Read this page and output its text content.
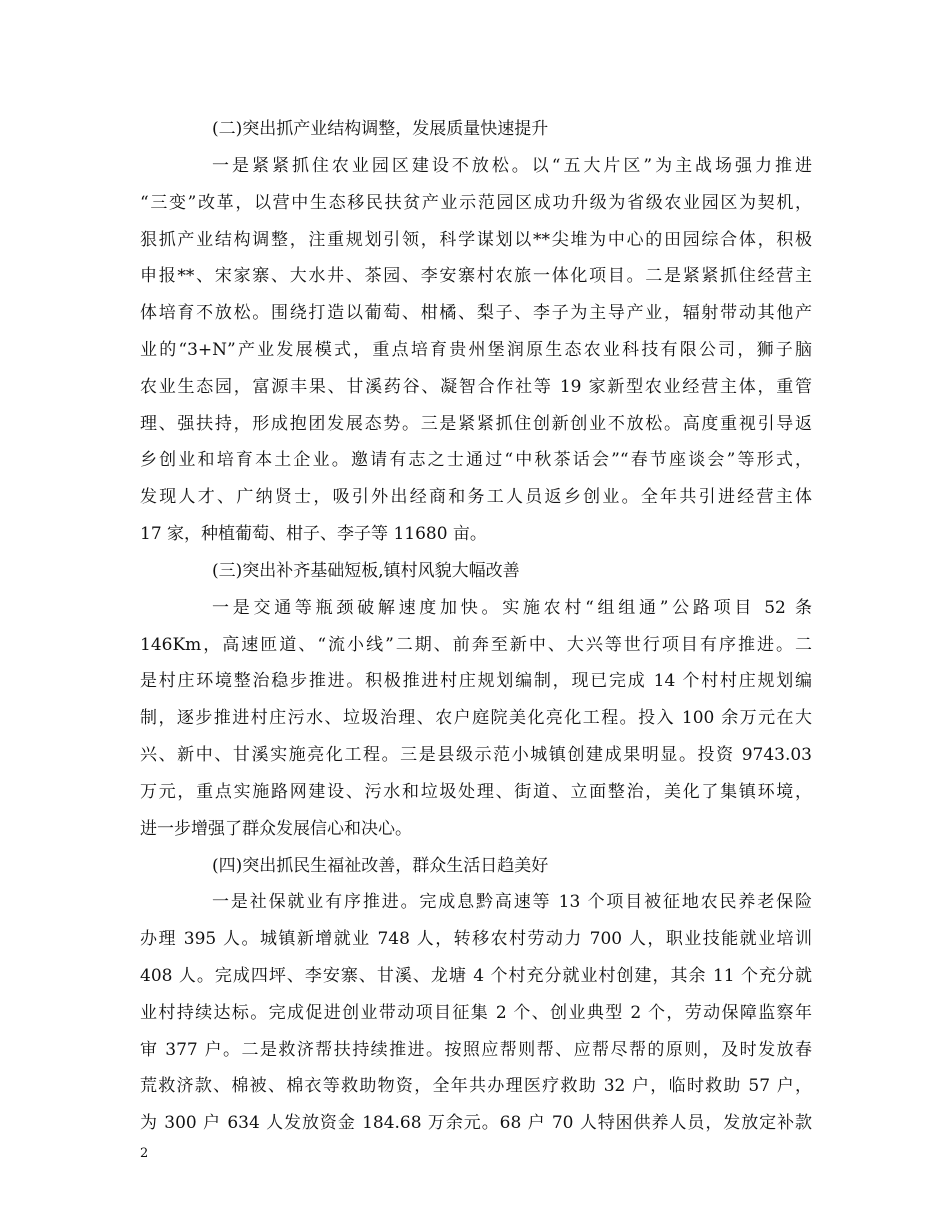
(二)突出抓产业结构调整，发展质量快速提升
一是紧紧抓住农业园区建设不放松。以“五大片区”为主战场强力推进
“三变”改革，以营中生态移民扶贫产业示范园区成功升级为省级农业园区为契机，
狠抓产业结构调整，注重规划引领，科学谋划以**尖堆为中心的田园综合体，积极
申报**、宋家寨、大水井、茶园、李安寨村农旅一体化项目。二是紧紧抓住经营主
体培育不放松。围绕打造以葡萄、柑橘、梨子、李子为主导产业，辐射带动其他产
业的“3+N”产业发展模式，重点培育贵州堡润原生态农业科技有限公司，狮子脑
农业生态园，富源丰果、甘溪药谷、凝智合作社等 19 家新型农业经营主体，重管
理、强扶持，形成抱团发展态势。三是紧紧抓住创新创业不放松。高度重视引导返
乡创业和培育本土企业。邀请有志之士通过“中秋茶话会”“春节座谈会”等形式，
发现人才、广纳贤士，吸引外出经商和务工人员返乡创业。全年共引进经营主体
17 家，种植葡萄、柑子、李子等 11680 亩。
(三)突出补齐基础短板,镇村风貌大幅改善
一是交通等瓶颈破解速度加快。实施农村“组组通”公路项目 52 条
146Km，高速匝道、“流小线”二期、前奔至新中、大兴等世行项目有序推进。二
是村庄环境整治稳步推进。积极推进村庄规划编制，现已完成 14 个村村庄规划编
制，逐步推进村庄污水、垃圾治理、农户庭院美化亮化工程。投入 100 余万元在大
兴、新中、甘溪实施亮化工程。三是县级示范小城镇创建成果明显。投资 9743.03
万元，重点实施路网建设、污水和垃圾处理、街道、立面整治，美化了集镇环境，
进一步增强了群众发展信心和决心。
(四)突出抓民生福祉改善，群众生活日趋美好
一是社保就业有序推进。完成息黔高速等 13 个项目被征地农民养老保险
办理 395 人。城镇新增就业 748 人，转移农村劳动力 700 人，职业技能就业培训
408 人。完成四坪、李安寨、甘溪、龙塘 4 个村充分就业村创建，其余 11 个充分就
业村持续达标。完成促进创业带动项目征集 2 个、创业典型 2 个，劳动保障监察年
审 377 户。二是救济帮扶持续推进。按照应帮则帮、应帮尽帮的原则，及时发放春
荒救济款、棉被、棉衣等救助物资，全年共办理医疗救助 32 户，临时救助 57 户，
为 300 户 634 人发放资金 184.68 万余元。68 户 70 人特困供养人员，发放定补款
2
